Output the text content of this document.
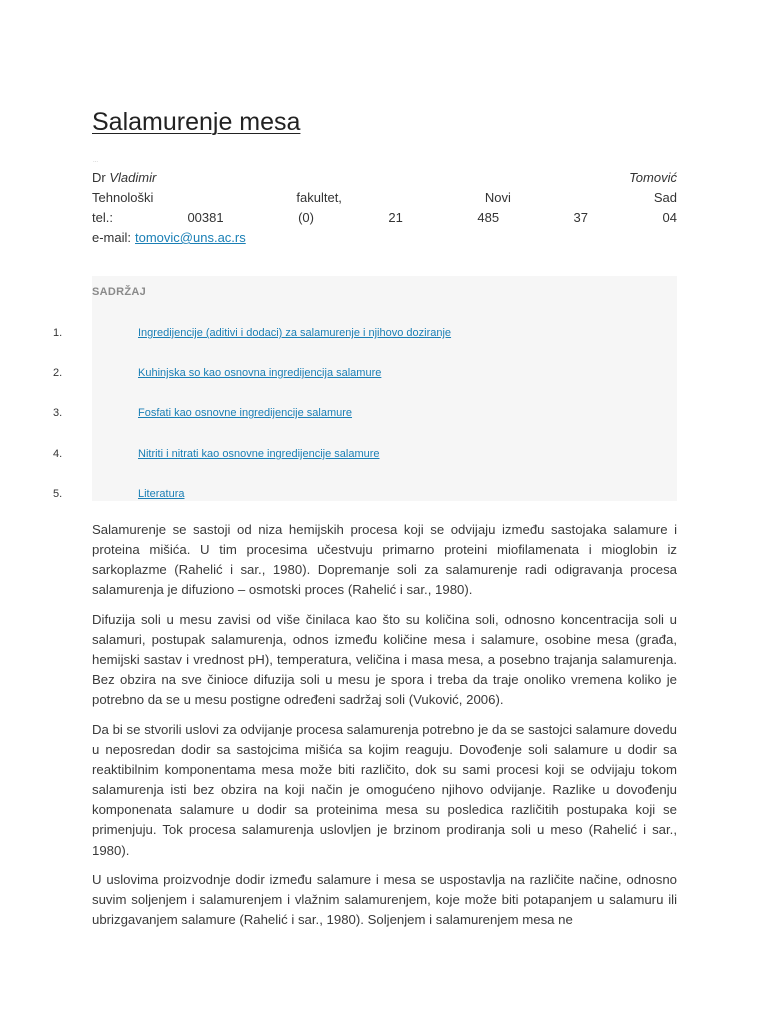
Salamurenje mesa
...
Dr Vladimir	Tomović
Tehnološki	fakultet,	Novi	Sad
tel.:	00381	(0)	21	485	37	04
e-mail: tomovic@uns.ac.rs
SADRŽAJ
1.	Ingredijencije (aditivi i dodaci) za salamurenje i njihovo doziranje
2.	Kuhinjska so kao osnovna ingredijencija salamure
3.	Fosfati kao osnovne ingredijencije salamure
4.	Nitriti i nitrati kao osnovne ingredijencije salamure
5.	Literatura

Salamurenje se sastoji od niza hemijskih procesa koji se odvijaju između sastojaka salamure i proteina mišića. U tim procesima učestvuju primarno proteini miofilamenata i mioglobin iz sarkoplazme (Rahelić i sar., 1980). Dopremanje soli za salamurenje radi odigravanja procesa salamurenja je difuziono – osmotski proces (Rahelić i sar., 1980).

Difuzija soli u mesu zavisi od više činilaca kao što su količina soli, odnosno koncentracija soli u salamuri, postupak salamurenja, odnos između količine mesa i salamure, osobine mesa (građa, hemijski sastav i vrednost pH), temperatura, veličina i masa mesa, a posebno trajanja salamurenja. Bez obzira na sve činioce difuzija soli u mesu je spora i treba da traje onoliko vremena koliko je potrebno da se u mesu postigne određeni sadržaj soli (Vuković, 2006).

Da bi se stvorili uslovi za odvijanje procesa salamurenja potrebno je da se sastojci salamure dovedu u neposredan dodir sa sastojcima mišića sa kojim reaguju. Dovođenje soli salamure u dodir sa reaktibilnim komponentama mesa može biti različito, dok su sami procesi koji se odvijaju tokom salamurenja isti bez obzira na koji način je omogućeno njihovo odvijanje. Razlike u dovođenju komponenata salamure u dodir sa proteinima mesa su posledica različitih postupaka koji se primenjuju. Tok procesa salamurenja uslovljen je brzinom prodiranja soli u meso (Rahelić i sar., 1980).

U uslovima proizvodnje dodir između salamure i mesa se uspostavlja na različite načine, odnosno suvim soljenjem i salamurenjem i vlažnim salamurenjem, koje može biti potapanjem u salamuru ili ubrizgavanjem salamure (Rahelić i sar., 1980). Soljenjem i salamurenjem mesa ne
